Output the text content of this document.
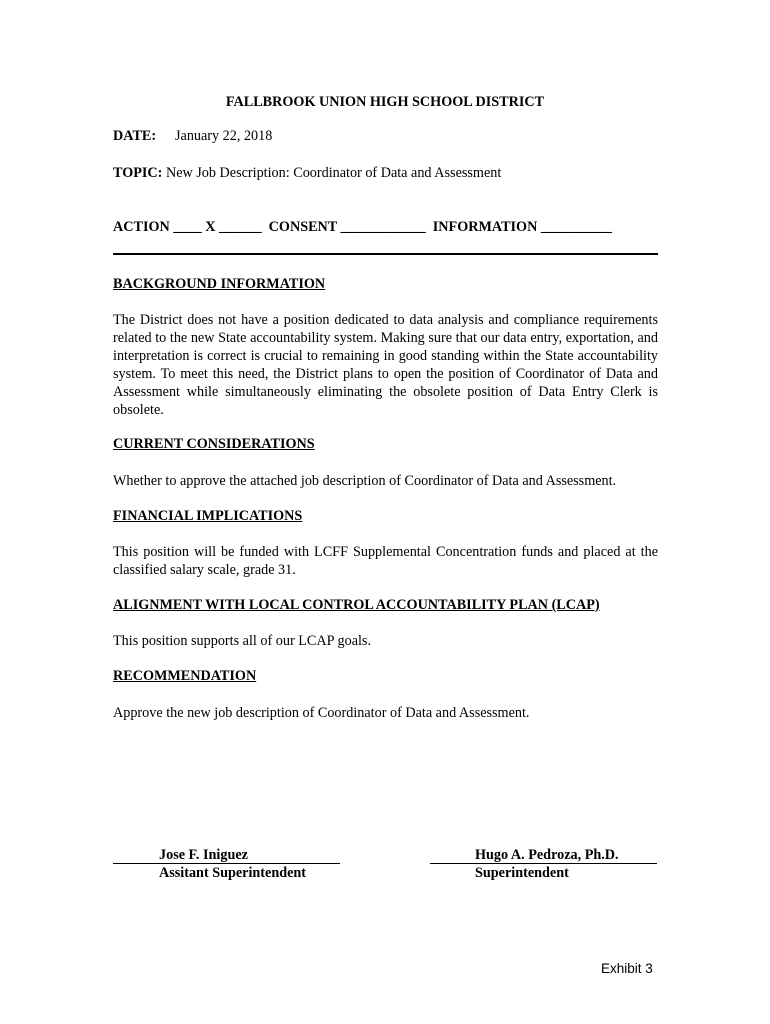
FALLBROOK UNION HIGH SCHOOL DISTRICT
DATE: January 22, 2018
TOPIC: New Job Description: Coordinator of Data and Assessment
ACTION ____ X ______  CONSENT ____________  INFORMATION __________
BACKGROUND INFORMATION
The District does not have a position dedicated to data analysis and compliance requirements related to the new State accountability system. Making sure that our data entry, exportation, and interpretation is correct is crucial to remaining in good standing within the State accountability system. To meet this need, the District plans to open the position of Coordinator of Data and Assessment while simultaneously eliminating the obsolete position of Data Entry Clerk is obsolete.
CURRENT CONSIDERATIONS
Whether to approve the attached job description of Coordinator of Data and Assessment.
FINANCIAL IMPLICATIONS
This position will be funded with LCFF Supplemental Concentration funds and placed at the classified salary scale, grade 31.
ALIGNMENT WITH LOCAL CONTROL ACCOUNTABILITY PLAN (LCAP)
This position supports all of our LCAP goals.
RECOMMENDATION
Approve the new job description of Coordinator of Data and Assessment.
Jose F. Iniguez
Assitant Superintendent
Hugo A. Pedroza, Ph.D.
Superintendent
Exhibit 3
